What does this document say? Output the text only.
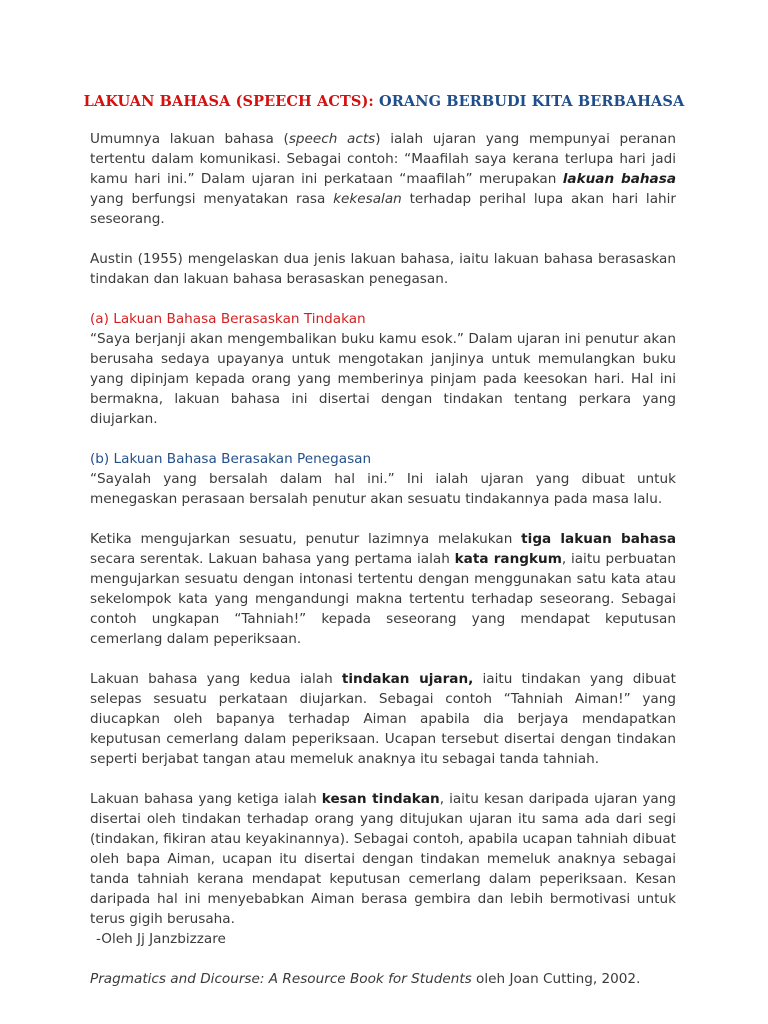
LAKUAN BAHASA (SPEECH ACTS): ORANG BERBUDI KITA BERBAHASA

Umumnya lakuan bahasa (speech acts) ialah ujaran yang mempunyai peranan tertentu dalam komunikasi. Sebagai contoh: “Maafilah saya kerana terlupa hari jadi kamu hari ini.” Dalam ujaran ini perkataan “maafilah” merupakan lakuan bahasa yang berfungsi menyatakan rasa kekesalan terhadap perihal lupa akan hari lahir seseorang.

Austin (1955) mengelaskan dua jenis lakuan bahasa, iaitu lakuan bahasa berasaskan tindakan dan lakuan bahasa berasaskan penegasan.

(a) Lakuan Bahasa Berasaskan Tindakan

“Saya berjanji akan mengembalikan buku kamu esok.” Dalam ujaran ini penutur akan berusaha sedaya upayanya untuk mengotakan janjinya untuk memulangkan buku yang dipinjam kepada orang yang memberinya pinjam pada keesokan hari. Hal ini bermakna, lakuan bahasa ini disertai dengan tindakan tentang perkara yang diujarkan.

(b) Lakuan Bahasa Berasakan Penegasan

“Sayalah yang bersalah dalam hal ini.” Ini ialah ujaran yang dibuat untuk menegaskan perasaan bersalah penutur akan sesuatu tindakannya pada masa lalu.

Ketika mengujarkan sesuatu, penutur lazimnya melakukan tiga lakuan bahasa secara serentak. Lakuan bahasa yang pertama ialah kata rangkum, iaitu perbuatan mengujarkan sesuatu dengan intonasi tertentu dengan menggunakan satu kata atau sekelompok kata yang mengandungi makna tertentu terhadap seseorang. Sebagai contoh ungkapan “Tahniah!” kepada seseorang yang mendapat keputusan cemerlang dalam peperiksaan.

Lakuan bahasa yang kedua ialah tindakan ujaran, iaitu tindakan yang dibuat selepas sesuatu perkataan diujarkan. Sebagai contoh “Tahniah Aiman!” yang diucapkan oleh bapanya terhadap Aiman apabila dia berjaya mendapatkan keputusan cemerlang dalam peperiksaan. Ucapan tersebut disertai dengan tindakan seperti berjabat tangan atau memeluk anaknya itu sebagai tanda tahniah.

Lakuan bahasa yang ketiga ialah kesan tindakan, iaitu kesan daripada ujaran yang disertai oleh tindakan terhadap orang yang ditujukan ujaran itu sama ada dari segi (tindakan, fikiran atau keyakinannya). Sebagai contoh, apabila ucapan tahniah dibuat oleh bapa Aiman, ucapan itu disertai dengan tindakan memeluk anaknya sebagai tanda tahniah kerana mendapat keputusan cemerlang dalam peperiksaan. Kesan daripada hal ini menyebabkan Aiman berasa gembira dan lebih bermotivasi untuk terus gigih berusaha.

-Oleh Jj Janzbizzare
Pragmatics and Dicourse: A Resource Book for Students oleh Joan Cutting, 2002.
